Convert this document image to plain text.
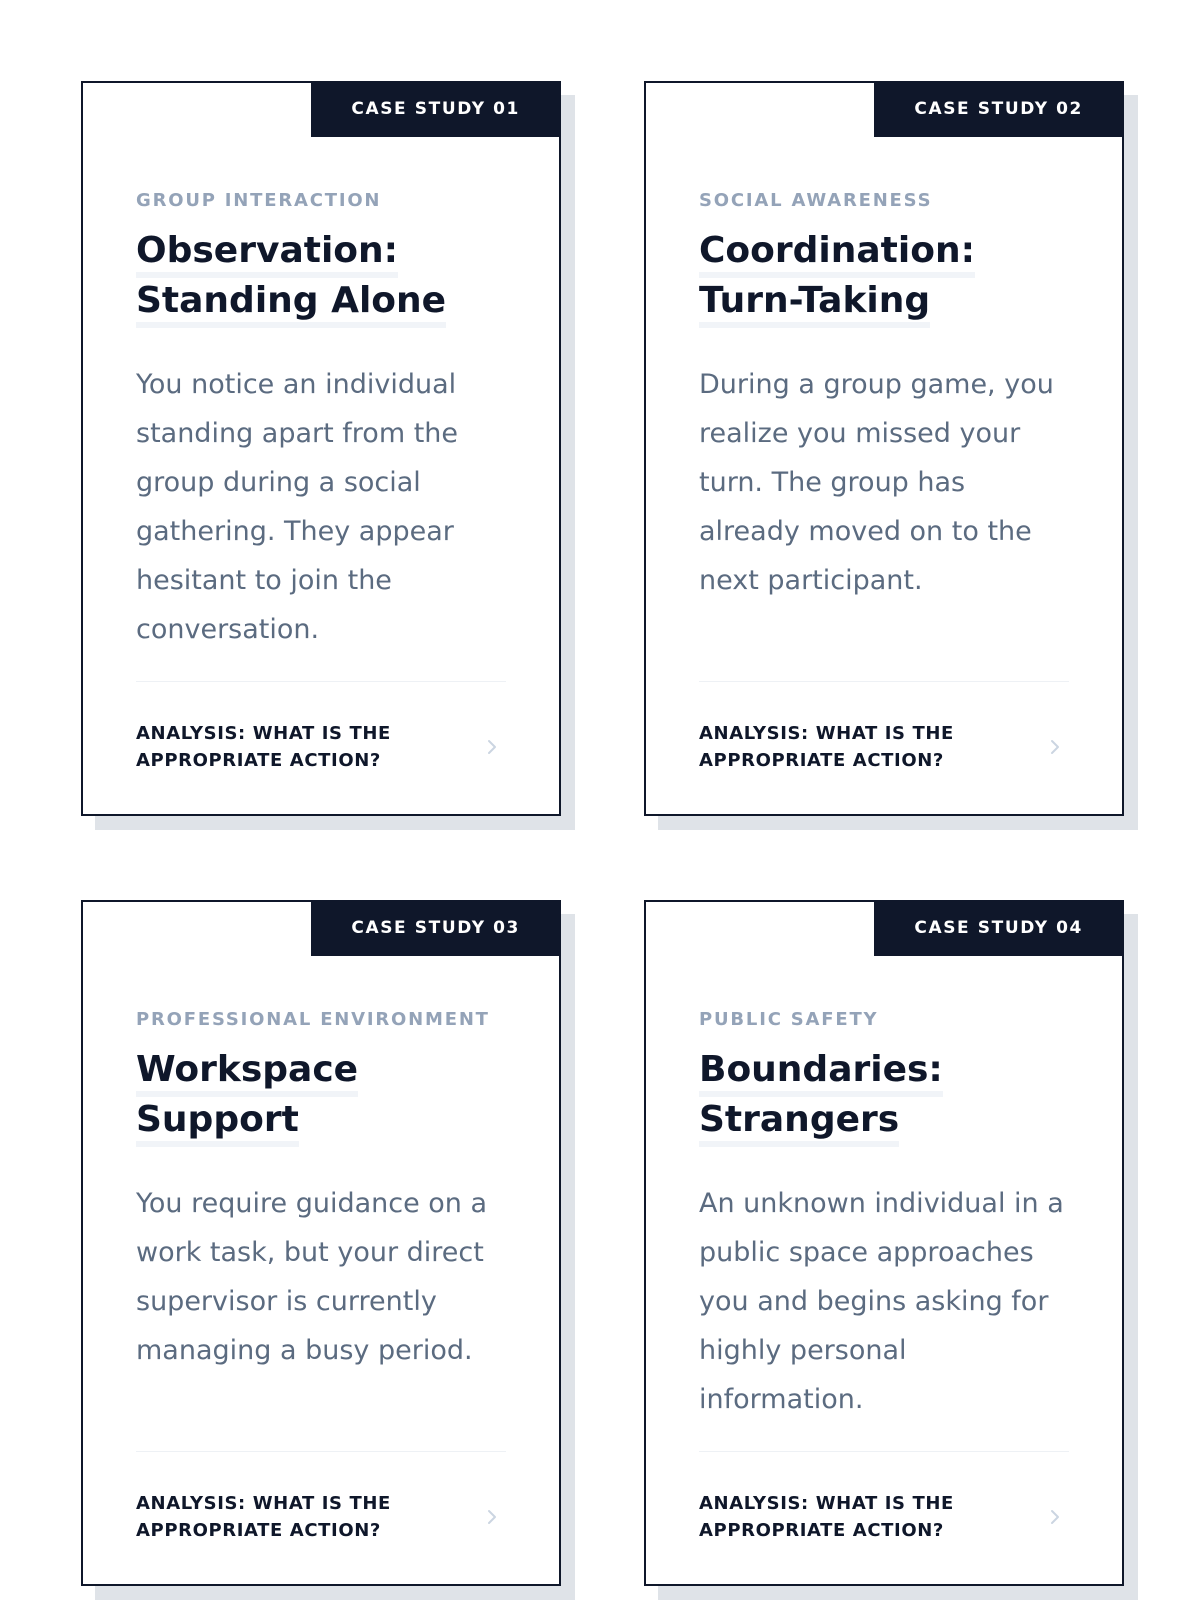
CASE STUDY 01

GROUP INTERACTION

Observation:
Standing Alone

You notice an individual standing apart from the group during a social gathering. They appear hesitant to join the conversation.

ANALYSIS: WHAT IS THE APPROPRIATE ACTION?
CASE STUDY 02

SOCIAL AWARENESS

Coordination:
Turn-Taking

During a group game, you realize you missed your turn. The group has already moved on to the next participant.

ANALYSIS: WHAT IS THE APPROPRIATE ACTION?
CASE STUDY 03

PROFESSIONAL ENVIRONMENT

Workspace
Support

You require guidance on a work task, but your direct supervisor is currently managing a busy period.

ANALYSIS: WHAT IS THE APPROPRIATE ACTION?
CASE STUDY 04

PUBLIC SAFETY

Boundaries:
Strangers

An unknown individual in a public space approaches you and begins asking for highly personal information.

ANALYSIS: WHAT IS THE APPROPRIATE ACTION?
